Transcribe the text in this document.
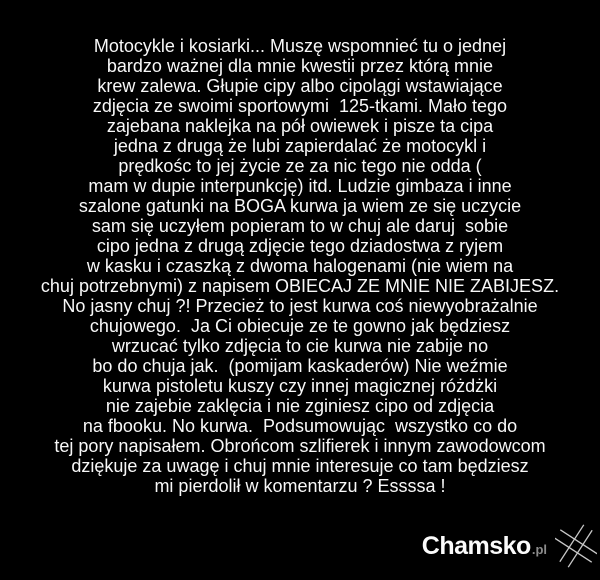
Motocykle i kosiarki... Muszę wspomnieć tu o jednej
bardzo ważnej dla mnie kwestii przez którą mnie
krew zalewa. Głupie cipy albo cipolągi wstawiające
zdjęcia ze swoimi sportowymi  125-tkami. Mało tego
zajebana naklejka na pół owiewek i pisze ta cipa
jedna z drugą że lubi zapierdalać że motocykl i
prędkośc to jej życie ze za nic tego nie odda (
mam w dupie interpunkcję) itd. Ludzie gimbaza i inne
szalone gatunki na BOGA kurwa ja wiem ze się uczycie
sam się uczyłem popieram to w chuj ale daruj  sobie
cipo jedna z drugą zdjęcie tego dziadostwa z ryjem
w kasku i czaszką z dwoma halogenami (nie wiem na
chuj potrzebnymi) z napisem OBIECAJ ZE MNIE NIE ZABIJESZ.
No jasny chuj ?! Przecież to jest kurwa coś niewyobrażalnie
chujowego.  Ja Ci obiecuje ze te gowno jak będziesz
wrzucać tylko zdjęcia to cie kurwa nie zabije no
bo do chuja jak.  (pomijam kaskaderów) Nie weźmie
kurwa pistoletu kuszy czy innej magicznej różdżki
nie zajebie zaklęcia i nie zginiesz cipo od zdjęcia
na fbooku. No kurwa.  Podsumowując  wszystko co do
tej pory napisałem. Obrońcom szlifierek i innym zawodowcom
dziękuje za uwagę i chuj mnie interesuje co tam będziesz
mi pierdolił w komentarzu ? Essssa !
Chamsko .pl
